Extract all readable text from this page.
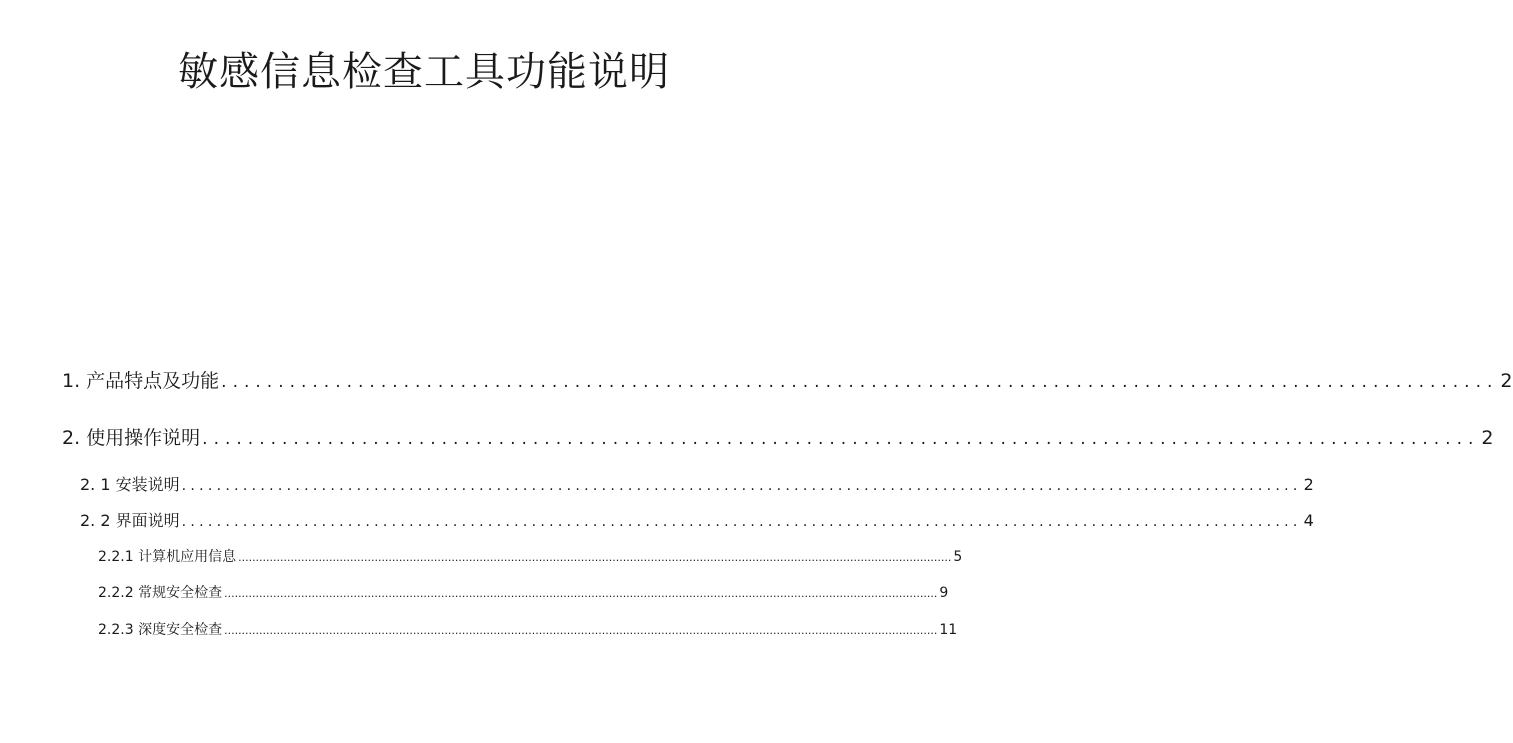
敏感信息检查工具功能说明
1. 产品特点及功能 ................................................................................................................ 2
2. 使用操作说明 ................................................................................................................ 2
2. 1 安装说明 ................................................................................................................................ 2
2. 2 界面说明 ................................................................................................................................ 4
2.2.1 计算机应用信息 ............................................................................................................................................................................................................ 5
2.2.2 常规安全检查 ............................................................................................................................................................................................................ 9
2.2.3 深度安全检查 ............................................................................................................................................................................................................ 11
